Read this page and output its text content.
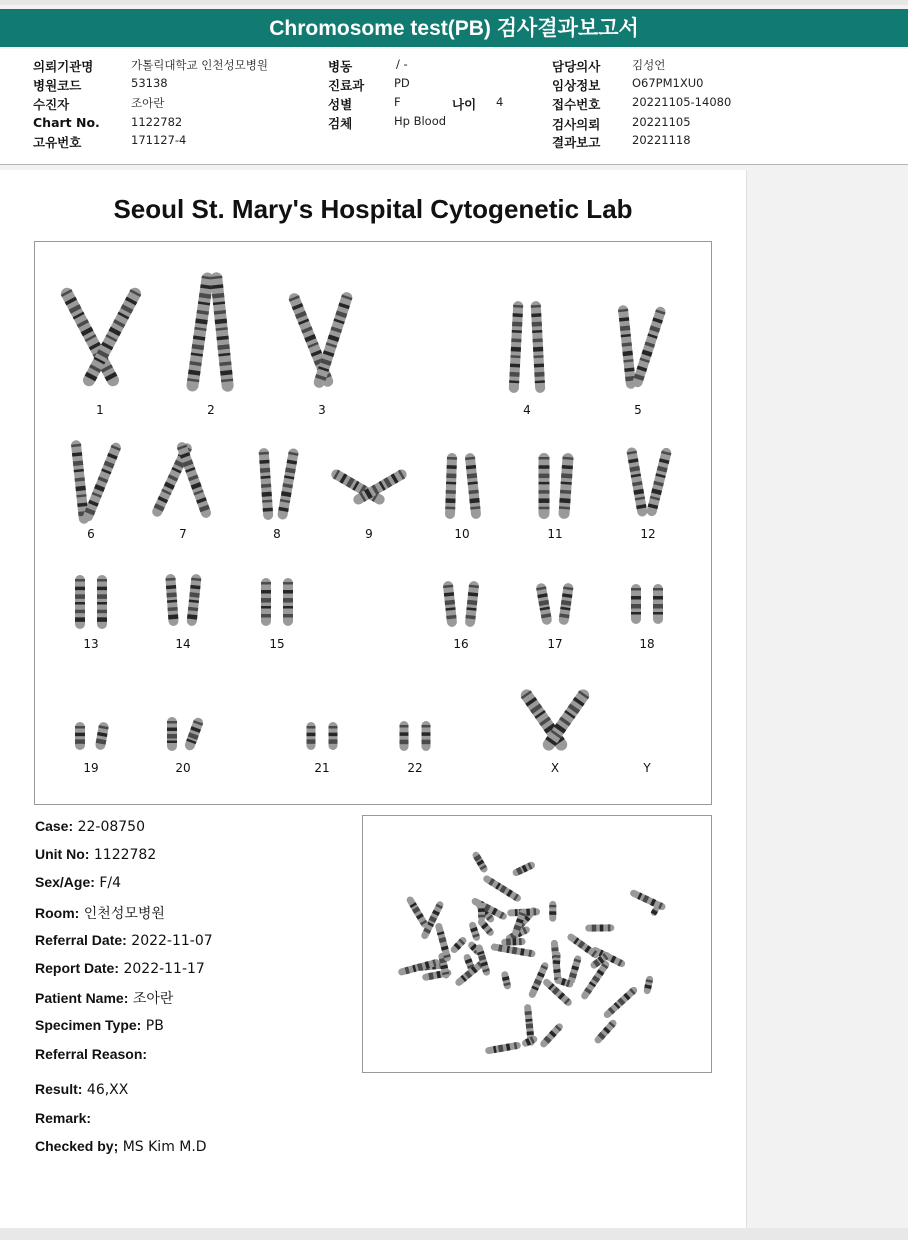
Chromosome test(PB) 검사결과보고서
의뢰기관명	가톨릭대학교 인천성모병원
병원코드	53138
수진자	조아란
Chart No.	1122782
고유번호	171127-4
병동	/ -
진료과	PD
성별	F	나이 4
검체	Hp Blood
담당의사	김성언
임상정보	O67PM1XU0
접수번호	20221105-14080
검사의뢰	20221105
결과보고	20221118
Seoul St. Mary's Hospital Cytogenetic Lab
1	2	3	4	5
6	7	8	9	10	11	12
13	14	15	16	17	18
19	20	21	22	X	Y
Case: 22-08750
Unit No: 1122782
Sex/Age: F/4
Room: 인천성모병원
Referral Date: 2022-11-07
Report Date: 2022-11-17
Patient Name: 조아란
Specimen Type: PB
Referral Reason:
Result: 46,XX
Remark:
Checked by; MS Kim M.D
